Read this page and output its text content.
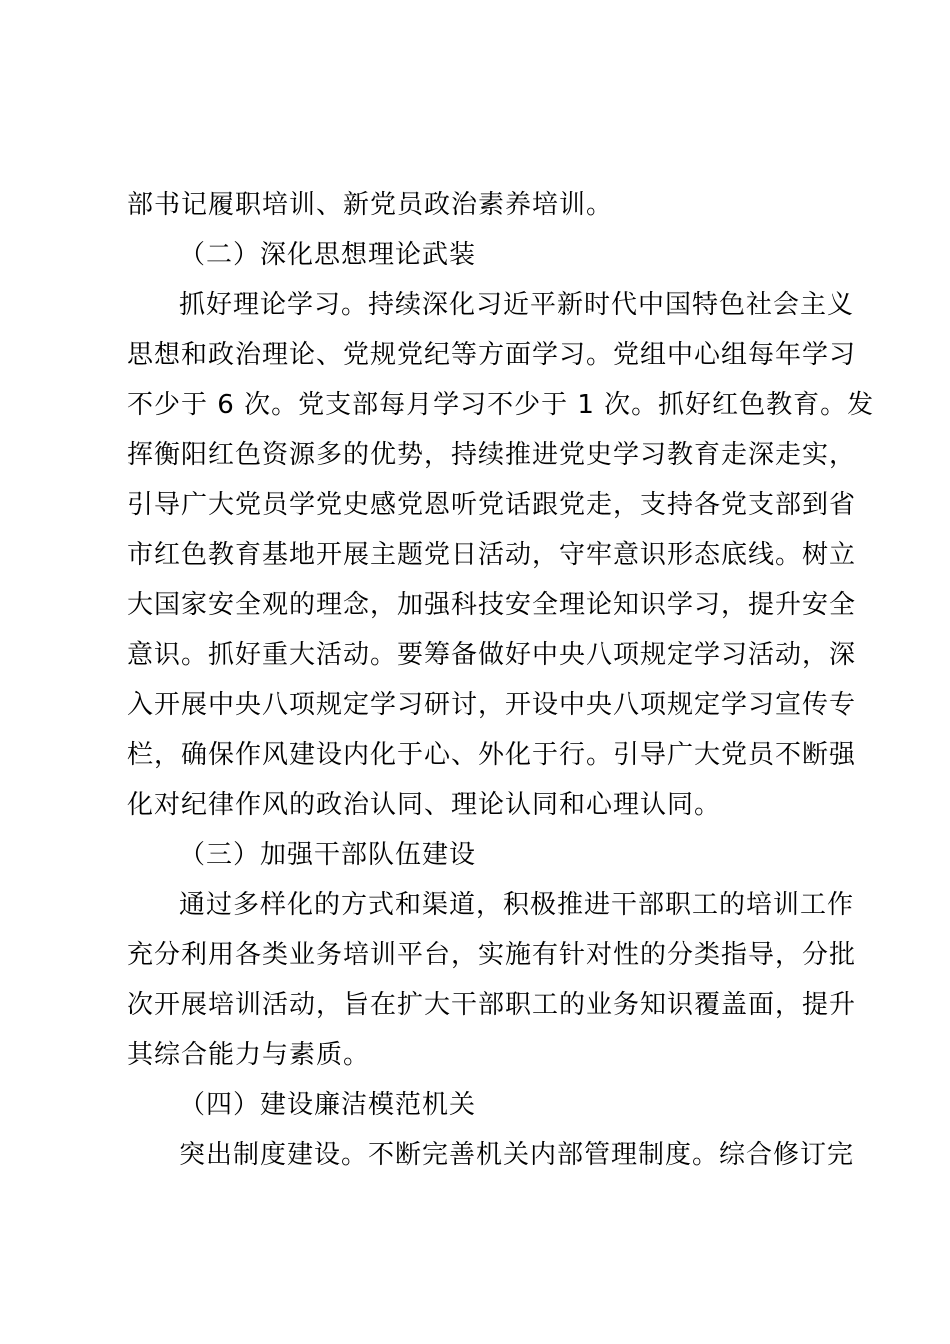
部书记履职培训、新党员政治素养培训。
（二）深化思想理论武装
抓好理论学习。持续深化习近平新时代中国特色社会主义
思想和政治理论、党规党纪等方面学习。党组中心组每年学习
不少于 6 次。党支部每月学习不少于 1 次。抓好红色教育。发
挥衡阳红色资源多的优势，持续推进党史学习教育走深走实，
引导广大党员学党史感党恩听党话跟党走，支持各党支部到省
市红色教育基地开展主题党日活动，守牢意识形态底线。树立
大国家安全观的理念，加强科技安全理论知识学习，提升安全
意识。抓好重大活动。要筹备做好中央八项规定学习活动，深
入开展中央八项规定学习研讨，开设中央八项规定学习宣传专
栏，确保作风建设内化于心、外化于行。引导广大党员不断强
化对纪律作风的政治认同、理论认同和心理认同。
（三）加强干部队伍建设
通过多样化的方式和渠道，积极推进干部职工的培训工作
充分利用各类业务培训平台，实施有针对性的分类指导，分批
次开展培训活动，旨在扩大干部职工的业务知识覆盖面，提升
其综合能力与素质。
（四）建设廉洁模范机关
突出制度建设。不断完善机关内部管理制度。综合修订完
